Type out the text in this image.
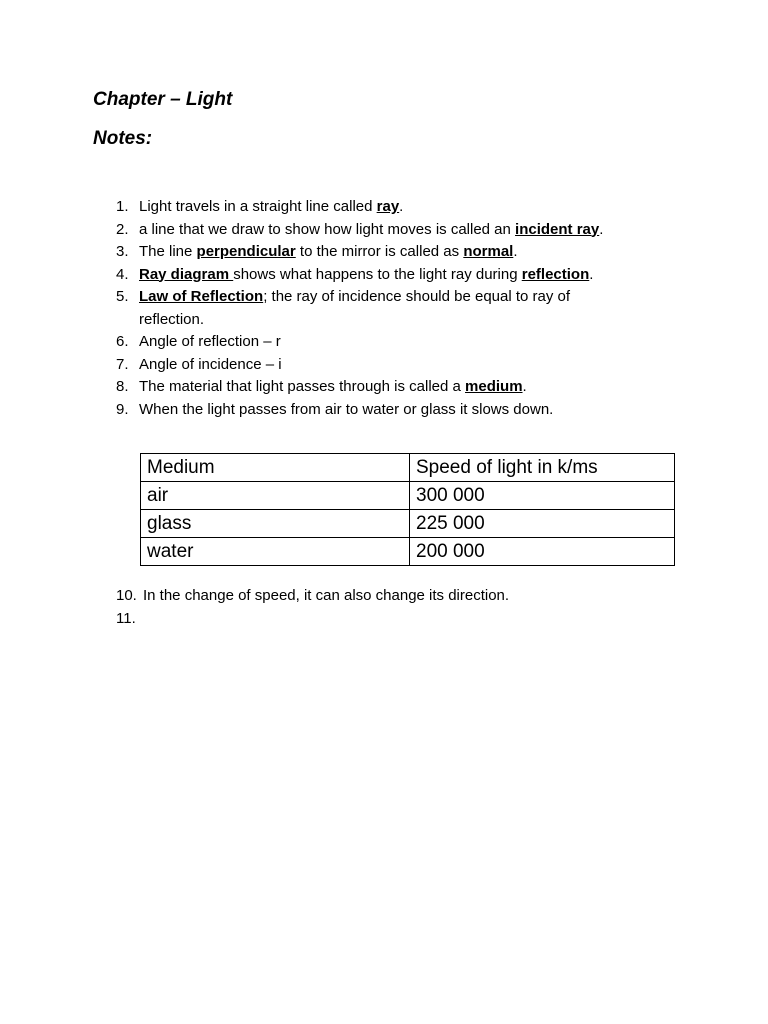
Chapter – Light
Notes:
1. Light travels in a straight line called ray.
2. a line that we draw to show how light moves is called an incident ray.
3. The line perpendicular to the mirror is called as normal.
4. Ray diagram shows what happens to the light ray during reflection.
5. Law of Reflection; the ray of incidence should be equal to ray of reflection.
6. Angle of reflection – r
7. Angle of incidence – i
8. The material that light passes through is called a medium.
9. When the light passes from air to water or glass it slows down.
Medium	Speed of light in k/ms
air	300 000
glass	225 000
water	200 000
10. In the change of speed, it can also change its direction.
11.
